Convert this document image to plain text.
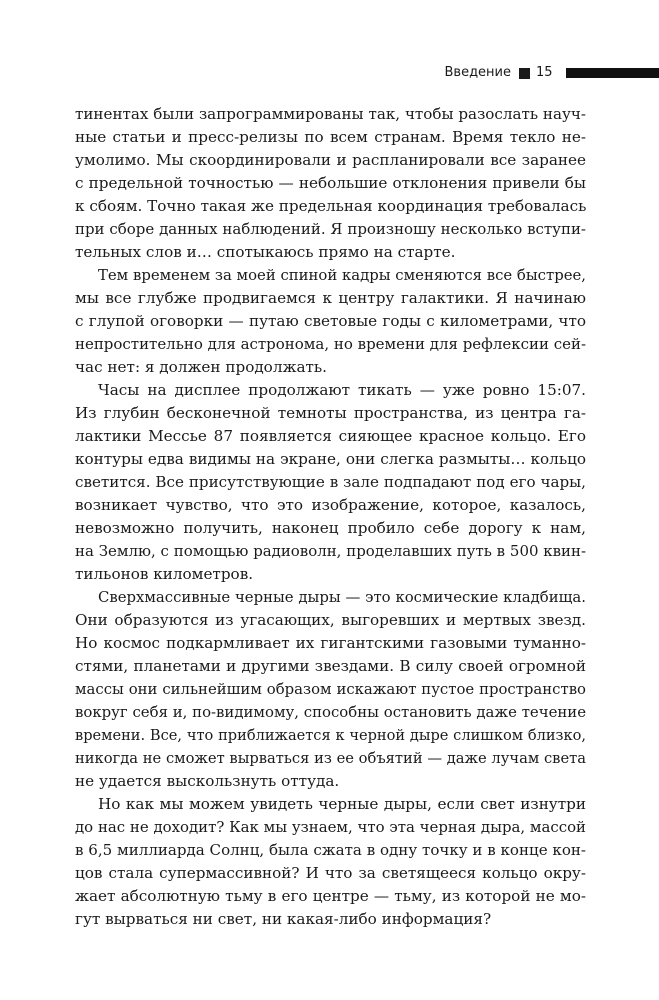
Введение 15
тинентах были запрограммированы так, чтобы разослать науч-
ные статьи и пресс-релизы по всем странам. Время текло не-
умолимо. Мы скоординировали и распланировали все заранее
с предельной точностью — небольшие отклонения привели бы
к сбоям. Точно такая же предельная координация требовалась
при сборе данных наблюдений. Я произношу несколько вступи-
тельных слов и… спотыкаюсь прямо на старте.
Тем временем за моей спиной кадры сменяются все быстрее,
мы все глубже продвигаемся к центру галактики. Я начинаю
с глупой оговорки — путаю световые годы с километрами, что
непростительно для астронома, но времени для рефлексии сей-
час нет: я должен продолжать.
Часы на дисплее продолжают тикать — уже ровно 15:07.
Из глубин бесконечной темноты пространства, из центра га-
лактики Мессье 87 появляется сияющее красное кольцо. Его
контуры едва видимы на экране, они слегка размыты… кольцо
светится. Все присутствующие в зале подпадают под его чары,
возникает чувство, что это изображение, которое, казалось,
невозможно получить, наконец пробило себе дорогу к нам,
на Землю, с помощью радиоволн, проделавших путь в 500 квин-
тильонов километров.
Сверхмассивные черные дыры — это космические кладбища.
Они образуются из угасающих, выгоревших и мертвых звезд.
Но космос подкармливает их гигантскими газовыми туманно-
стями, планетами и другими звездами. В силу своей огромной
массы они сильнейшим образом искажают пустое пространство
вокруг себя и, по-видимому, способны остановить даже течение
времени. Все, что приближается к черной дыре слишком близко,
никогда не сможет вырваться из ее объятий — даже лучам света
не удается выскользнуть оттуда.
Но как мы можем увидеть черные дыры, если свет изнутри
до нас не доходит? Как мы узнаем, что эта черная дыра, массой
в 6,5 миллиарда Солнц, была сжата в одну точку и в конце кон-
цов стала супермассивной? И что за светящееся кольцо окру-
жает абсолютную тьму в его центре — тьму, из которой не мо-
гут вырваться ни свет, ни какая-либо информация?
